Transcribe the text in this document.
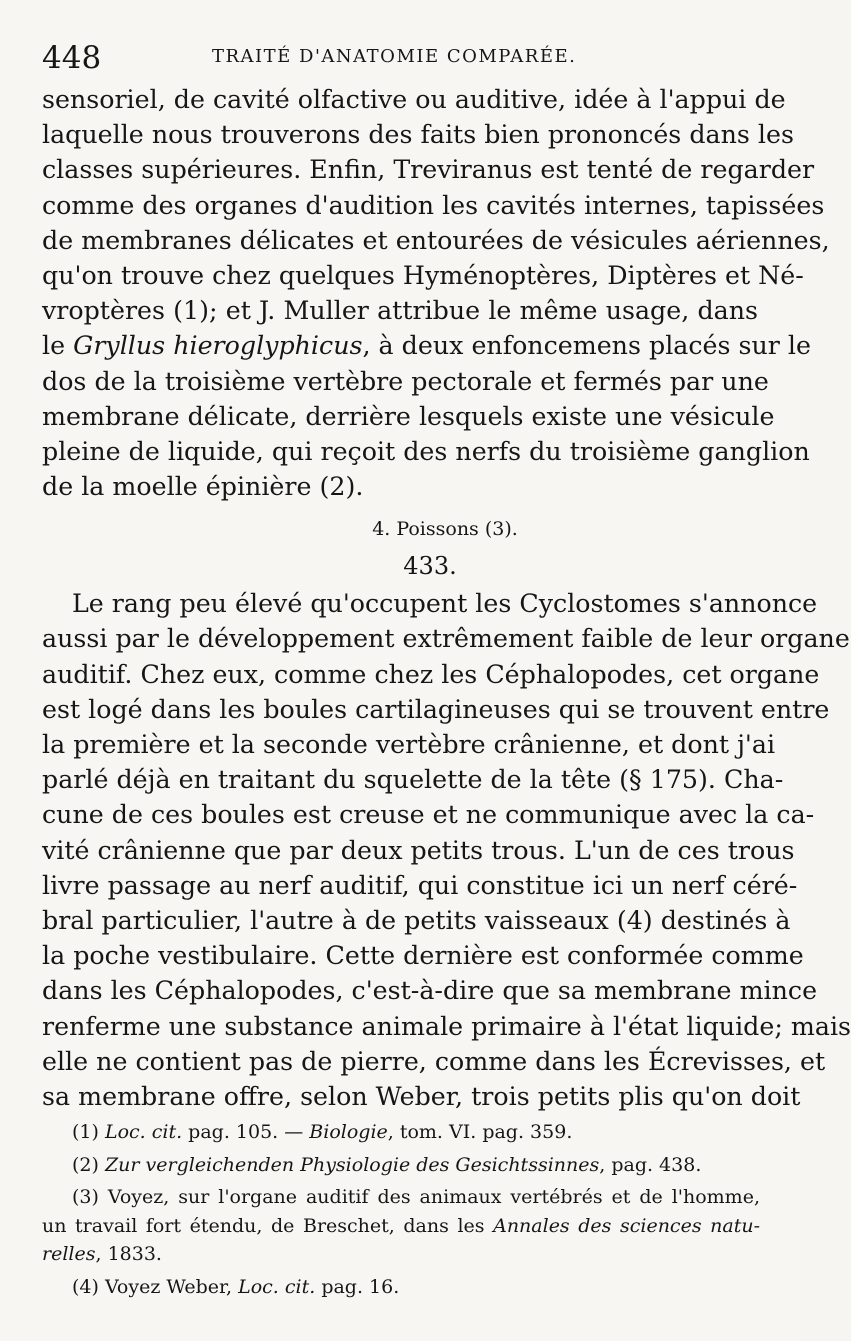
448	TRAITÉ D'ANATOMIE COMPARÉE.
sensoriel, de cavité olfactive ou auditive, idée à l'appui de
laquelle nous trouverons des faits bien prononcés dans les
classes supérieures. Enfin, Treviranus est tenté de regarder
comme des organes d'audition les cavités internes, tapissées
de membranes délicates et entourées de vésicules aériennes,
qu'on trouve chez quelques Hyménoptères, Diptères et Né-
vroptères (1); et J. Muller attribue le même usage, dans
le Gryllus hieroglyphicus, à deux enfoncemens placés sur le
dos de la troisième vertèbre pectorale et fermés par une
membrane délicate, derrière lesquels existe une vésicule
pleine de liquide, qui reçoit des nerfs du troisième ganglion
de la moelle épinière (2).
4. Poissons (3).
433.
Le rang peu élevé qu'occupent les Cyclostomes s'annonce
aussi par le développement extrêmement faible de leur organe
auditif. Chez eux, comme chez les Céphalopodes, cet organe
est logé dans les boules cartilagineuses qui se trouvent entre
la première et la seconde vertèbre crânienne, et dont j'ai
parlé déjà en traitant du squelette de la tête (§ 175). Cha-
cune de ces boules est creuse et ne communique avec la ca-
vité crânienne que par deux petits trous. L'un de ces trous
livre passage au nerf auditif, qui constitue ici un nerf céré-
bral particulier, l'autre à de petits vaisseaux (4) destinés à
la poche vestibulaire. Cette dernière est conformée comme
dans les Céphalopodes, c'est-à-dire que sa membrane mince
renferme une substance animale primaire à l'état liquide; mais
elle ne contient pas de pierre, comme dans les Écrevisses, et
sa membrane offre, selon Weber, trois petits plis qu'on doit
(1) Loc. cit. pag. 105. — Biologie, tom. VI. pag. 359.
(2) Zur vergleichenden Physiologie des Gesichtssinnes, pag. 438.
(3) Voyez, sur l'organe auditif des animaux vertébrés et de l'homme,
un travail fort étendu, de Breschet, dans les Annales des sciences natu-
relles, 1833.
(4) Voyez Weber, Loc. cit. pag. 16.
